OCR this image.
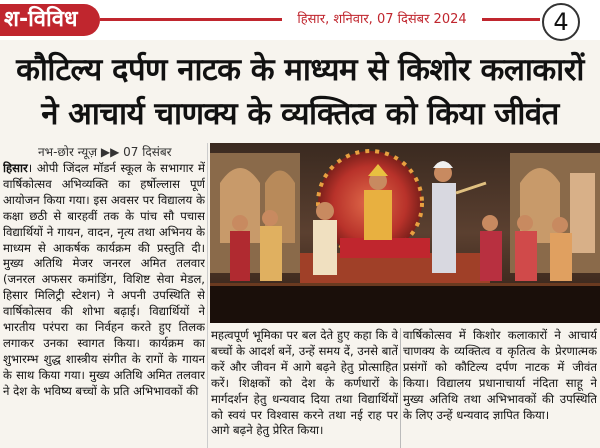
श-विविध	हिसार, शनिवार, 07 दिसंबर 2024	4
कौटिल्य दर्पण नाटक के माध्यम से किशोर कलाकारों
ने आचार्य चाणक्य के व्यक्तित्व को किया जीवंत
नभ-छोर न्यूज़ ▶▶ 07 दिसंबर

हिसार। ओपी जिंदल मॉडर्न स्कूल के सभागार में वार्षिकोत्सव अभिव्यक्ति का हर्षोल्लास पूर्ण आयोजन किया गया। इस अवसर पर विद्यालय के कक्षा छठी से बारहवीं तक के पांच सौ पचास विद्यार्थियों ने गायन, वादन, नृत्य तथा अभिनय के माध्यम से आकर्षक कार्यक्रम की प्रस्तुति दी। मुख्य अतिथि मेजर जनरल अमित तलवार (जनरल अफसर कमांडिंग, विशिष्ट सेवा मेडल, हिसार मिलिट्री स्टेशन) ने अपनी उपस्थिति से वार्षिकोत्सव की शोभा बढ़ाई। विद्यार्थियों ने भारतीय परंपरा का निर्वहन करते हुए तिलक लगाकर उनका स्वागत किया। कार्यक्रम का शुभारम्भ शुद्ध शास्त्रीय संगीत के रागों के गायन के साथ किया गया। मुख्य अतिथि अमित तलवार ने देश के भविष्य बच्चों के प्रति अभिभावकों की

महत्वपूर्ण भूमिका पर बल देते हुए कहा कि वे बच्चों के आदर्श बनें, उन्हें समय दें, उनसे बातें करें और जीवन में आगे बढ़ने हेतु प्रोत्साहित करें। शिक्षकों को देश के कर्णधारों के मार्गदर्शन हेतु धन्यवाद दिया तथा विद्यार्थियों को स्वयं पर विश्वास करने तथा नई राह पर आगे बढ़ने हेतु प्रेरित किया।

वार्षिकोत्सव में किशोर कलाकारों ने आचार्य चाणक्य के व्यक्तित्व व कृतित्व के प्रेरणात्मक प्रसंगों को कौटिल्य दर्पण नाटक में जीवंत किया। विद्यालय प्रधानाचार्या नंदिता साहू ने मुख्य अतिथि तथा अभिभावकों की उपस्थिति के लिए उन्हें धन्यवाद ज्ञापित किया।
